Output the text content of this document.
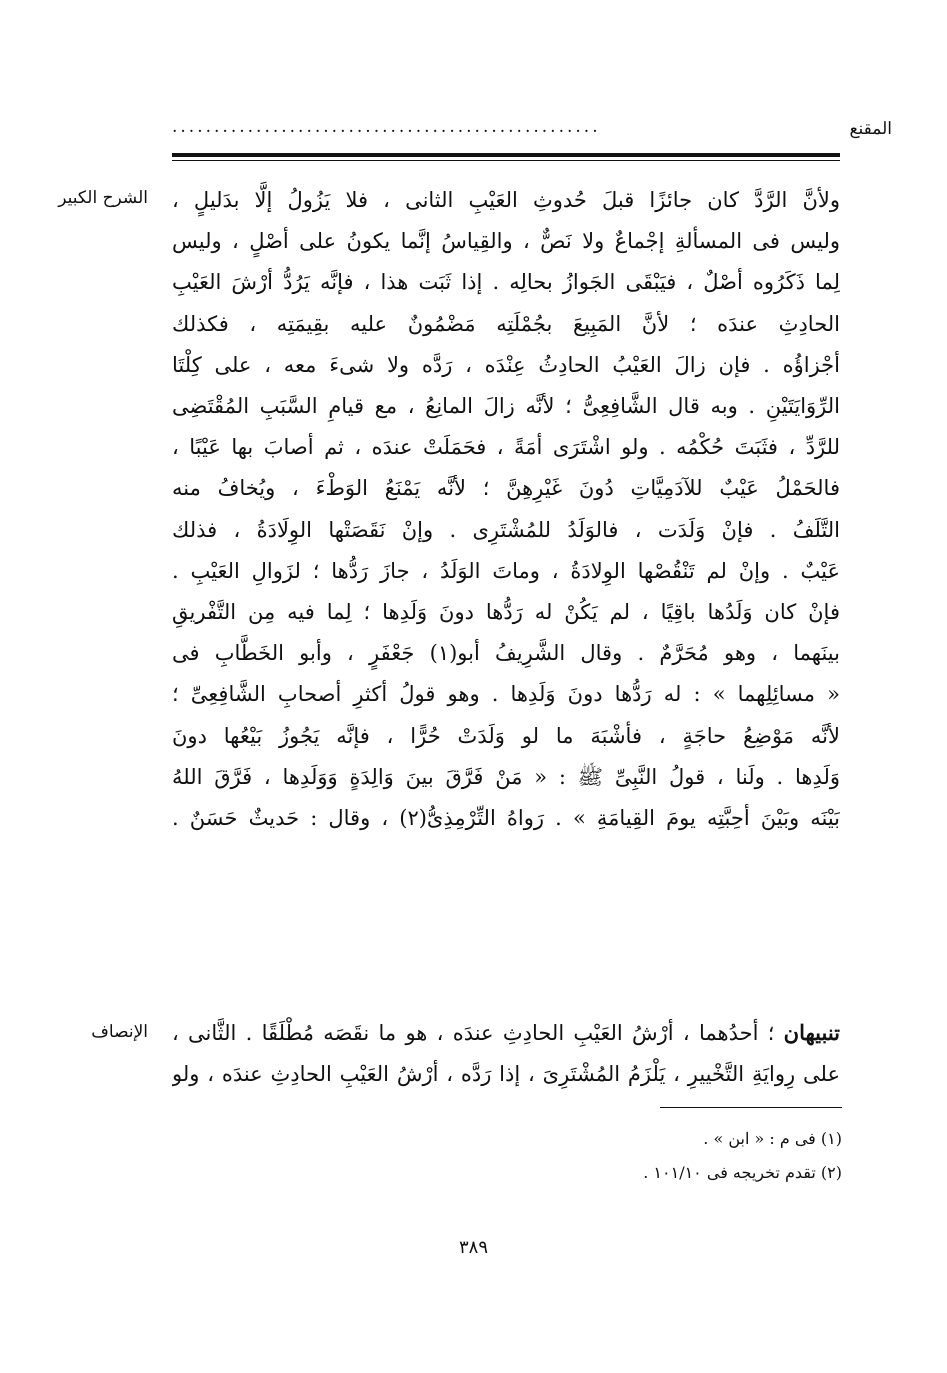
المقنع
...................................................
الشرح الكبير ولأنَّ الرَّدَّ كان جائزًا قبلَ حُدوثِ العَيْبِ الثانى ، فلا يَزُولُ إلَّا بدَليلٍ ،
وليس فى المسألةِ إجْماعٌ ولا نَصٌّ ، والقِياسُ إنَّما يكونُ على أصْلٍ ، وليس
لِما ذَكَرُوه أصْلٌ ، فيَبْقَى الجَوازُ بحالِه . إذا ثَبَت هذا ، فإنَّه يَرُدُّ أرْشَ العَيْبِ
الحادِثِ عندَه ؛ لأنَّ المَبِيعَ بجُمْلَتِه مَضْمُونٌ عليه بقِيمَتِه ، فكذلك
أجْزاؤُه . فإن زالَ العَيْبُ الحادِثُ عِنْدَه ، رَدَّه ولا شىءَ معه ، على كِلْتَا
الرِّوَايَتَيْنِ . وبه قال الشَّافِعِىُّ ؛ لأنَّه زالَ المانِعُ ، مع قيامِ السَّبَبِ المُقْتَضِى
للرَّدِّ ، فثَبَتَ حُكْمُه . ولو اشْتَرَى أمَةً ، فحَمَلَتْ عندَه ، ثم أصابَ بها عَيْبًا ،
فالحَمْلُ عَيْبٌ للآدَمِيَّاتِ دُونَ غَيْرِهِنَّ ؛ لأنَّه يَمْنَعُ الوَطْءَ ، ويُخافُ منه
التَّلَفُ . فإنْ وَلَدَت ، فالوَلَدُ للمُشْتَرِى . وإنْ نَقَصَتْها الوِلَادَةُ ، فذلك
عَيْبٌ . وإنْ لم تَنْقُصْها الوِلادَةُ ، وماتَ الوَلَدُ ، جازَ رَدُّها ؛ لزَوالِ العَيْبِ .
فإنْ كان وَلَدُها باقِيًا ، لم يَكُنْ له رَدُّها دونَ وَلَدِها ؛ لِما فيه مِن التَّفْريقِ
بينَهما ، وهو مُحَرَّمٌ . وقال الشَّرِيفُ أبو(١) جَعْفَرٍ ، وأبو الخَطَّابِ فى
« مسائِلِهما » : له رَدُّها دونَ وَلَدِها . وهو قولُ أكثرِ أصحابِ الشَّافِعِىِّ ؛
لأنَّه مَوْضِعُ حاجَةٍ ، فأشْبَهَ ما لو وَلَدَتْ حُرًّا ، فإنَّه يَجُوزُ بَيْعُها دونَ
وَلَدِها . ولَنا ، قولُ النَّبِىِّ ﷺ : « مَنْ فَرَّقَ بينَ وَالِدَةٍ وَوَلَدِها ، فَرَّقَ اللهُ
بَيْنَه وبَيْنَ أحِبَّتِه يومَ القِيامَةِ » . رَواهُ التِّرْمِذِىُّ(٢) ، وقال : حَديثٌ حَسَنٌ .
الإنصاف	تنبيهان ؛ أحدُهما ، أرْشُ العَيْبِ الحادِثِ عندَه ، هو ما نقَصَه مُطْلَقًا . الثَّانى ،
على رِوايَةِ التَّخْييرِ ، يَلْزَمُ المُشْتَرِىَ ، إذا رَدَّه ، أرْشُ العَيْبِ الحادِثِ عندَه ، ولو
(١) فى م : « ابن » .
(٢) تقدم تخريجه فى ١٠١/١٠ .
٣٨٩
